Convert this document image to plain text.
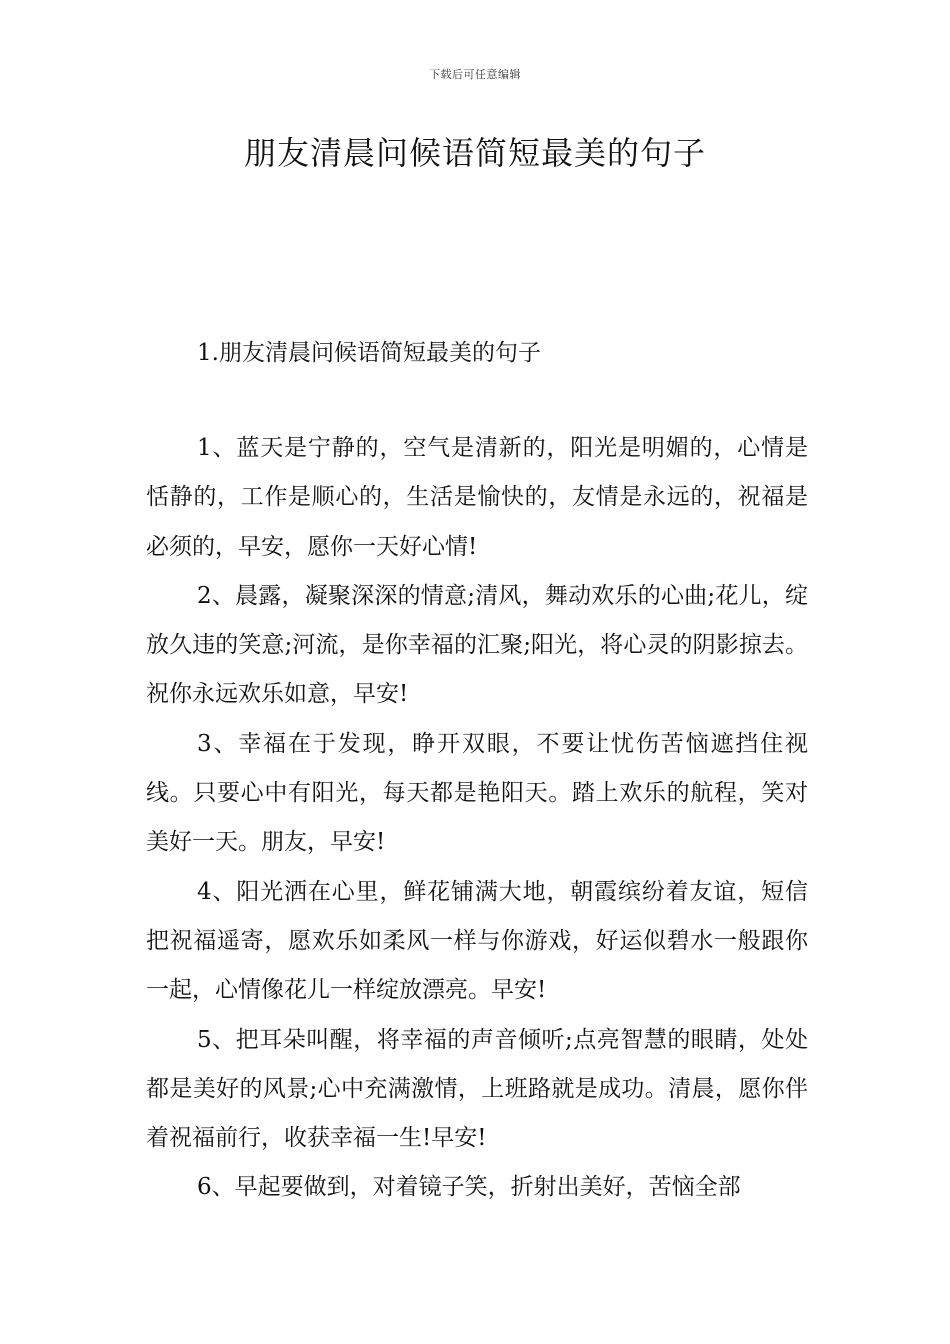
下载后可任意编辑
朋友清晨问候语简短最美的句子
1.朋友清晨问候语简短最美的句子

1、蓝天是宁静的，空气是清新的，阳光是明媚的，心情是恬静的，工作是顺心的，生活是愉快的，友情是永远的，祝福是必须的，早安，愿你一天好心情!

2、晨露，凝聚深深的情意;清风，舞动欢乐的心曲;花儿，绽放久违的笑意;河流，是你幸福的汇聚;阳光，将心灵的阴影掠去。祝你永远欢乐如意，早安!

3、幸福在于发现，睁开双眼，不要让忧伤苦恼遮挡住视线。只要心中有阳光，每天都是艳阳天。踏上欢乐的航程，笑对美好一天。朋友，早安!

4、阳光洒在心里，鲜花铺满大地，朝霞缤纷着友谊，短信把祝福遥寄，愿欢乐如柔风一样与你游戏，好运似碧水一般跟你一起，心情像花儿一样绽放漂亮。早安!

5、把耳朵叫醒，将幸福的声音倾听;点亮智慧的眼睛，处处都是美好的风景;心中充满激情，上班路就是成功。清晨，愿你伴着祝福前行，收获幸福一生!早安!

6、早起要做到，对着镜子笑，折射出美好，苦恼全部
